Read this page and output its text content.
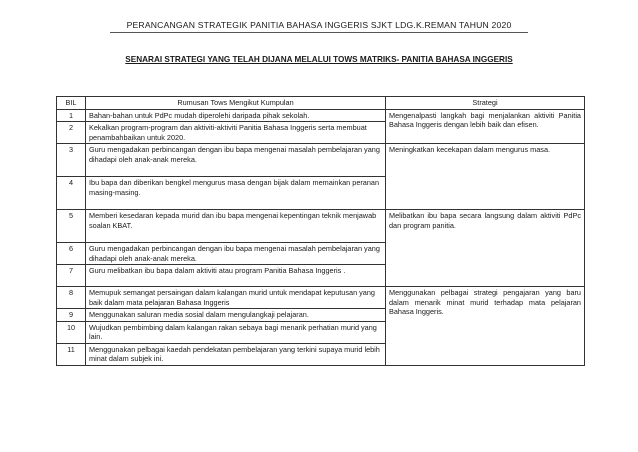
PERANCANGAN STRATEGIK PANITIA BAHASA INGGERIS SJKT LDG.K.REMAN TAHUN 2020
SENARAI STRATEGI YANG TELAH DIJANA MELALUI TOWS MATRIKS- PANITIA BAHASA INGGERIS
BIL	Rumusan Tows Mengikut Kumpulan	Strategi
1	Bahan-bahan untuk PdPc mudah diperolehi daripada pihak sekolah.	Mengenalpasti langkah bagi menjalankan aktiviti Panitia Bahasa Inggeris dengan lebih baik dan efisen.
2	Kekalkan program-program dan aktiviti-aktiviti Panitia Bahasa Inggeris serta membuat penambahbaikan untuk 2020.	
3	Guru mengadakan perbincangan dengan ibu bapa mengenai masalah pembelajaran yang dihadapi oleh anak-anak mereka.	Meningkatkan kecekapan dalam mengurus masa.
4	Ibu bapa dan diberikan bengkel mengurus masa dengan bijak dalam memainkan peranan masing-masing.	
5	Memberi kesedaran kepada murid dan ibu bapa mengenai kepentingan teknik menjawab soalan KBAT.	Melibatkan ibu bapa secara langsung dalam aktiviti PdPc dan program panitia.
6	Guru mengadakan perbincangan dengan ibu bapa mengenai masalah pembelajaran yang dihadapi oleh anak-anak mereka.	
7	Guru melibatkan ibu bapa dalam aktiviti atau program Panitia Bahasa Inggeris .	
8	Memupuk semangat persaingan dalam kalangan murid untuk mendapat keputusan yang baik dalam mata pelajaran Bahasa Inggeris	Menggunakan pelbagai strategi pengajaran yang baru dalam menarik minat murid terhadap mata pelajaran Bahasa Inggeris.
9	Menggunakan saluran media sosial dalam mengulangkaji pelajaran.	
10	Wujudkan pembimbing dalam kalangan rakan sebaya bagi menarik perhatian murid yang lain.	
11	Menggunakan pelbagai kaedah pendekatan pembelajaran yang terkini supaya murid lebih minat dalam subjek ini.	
